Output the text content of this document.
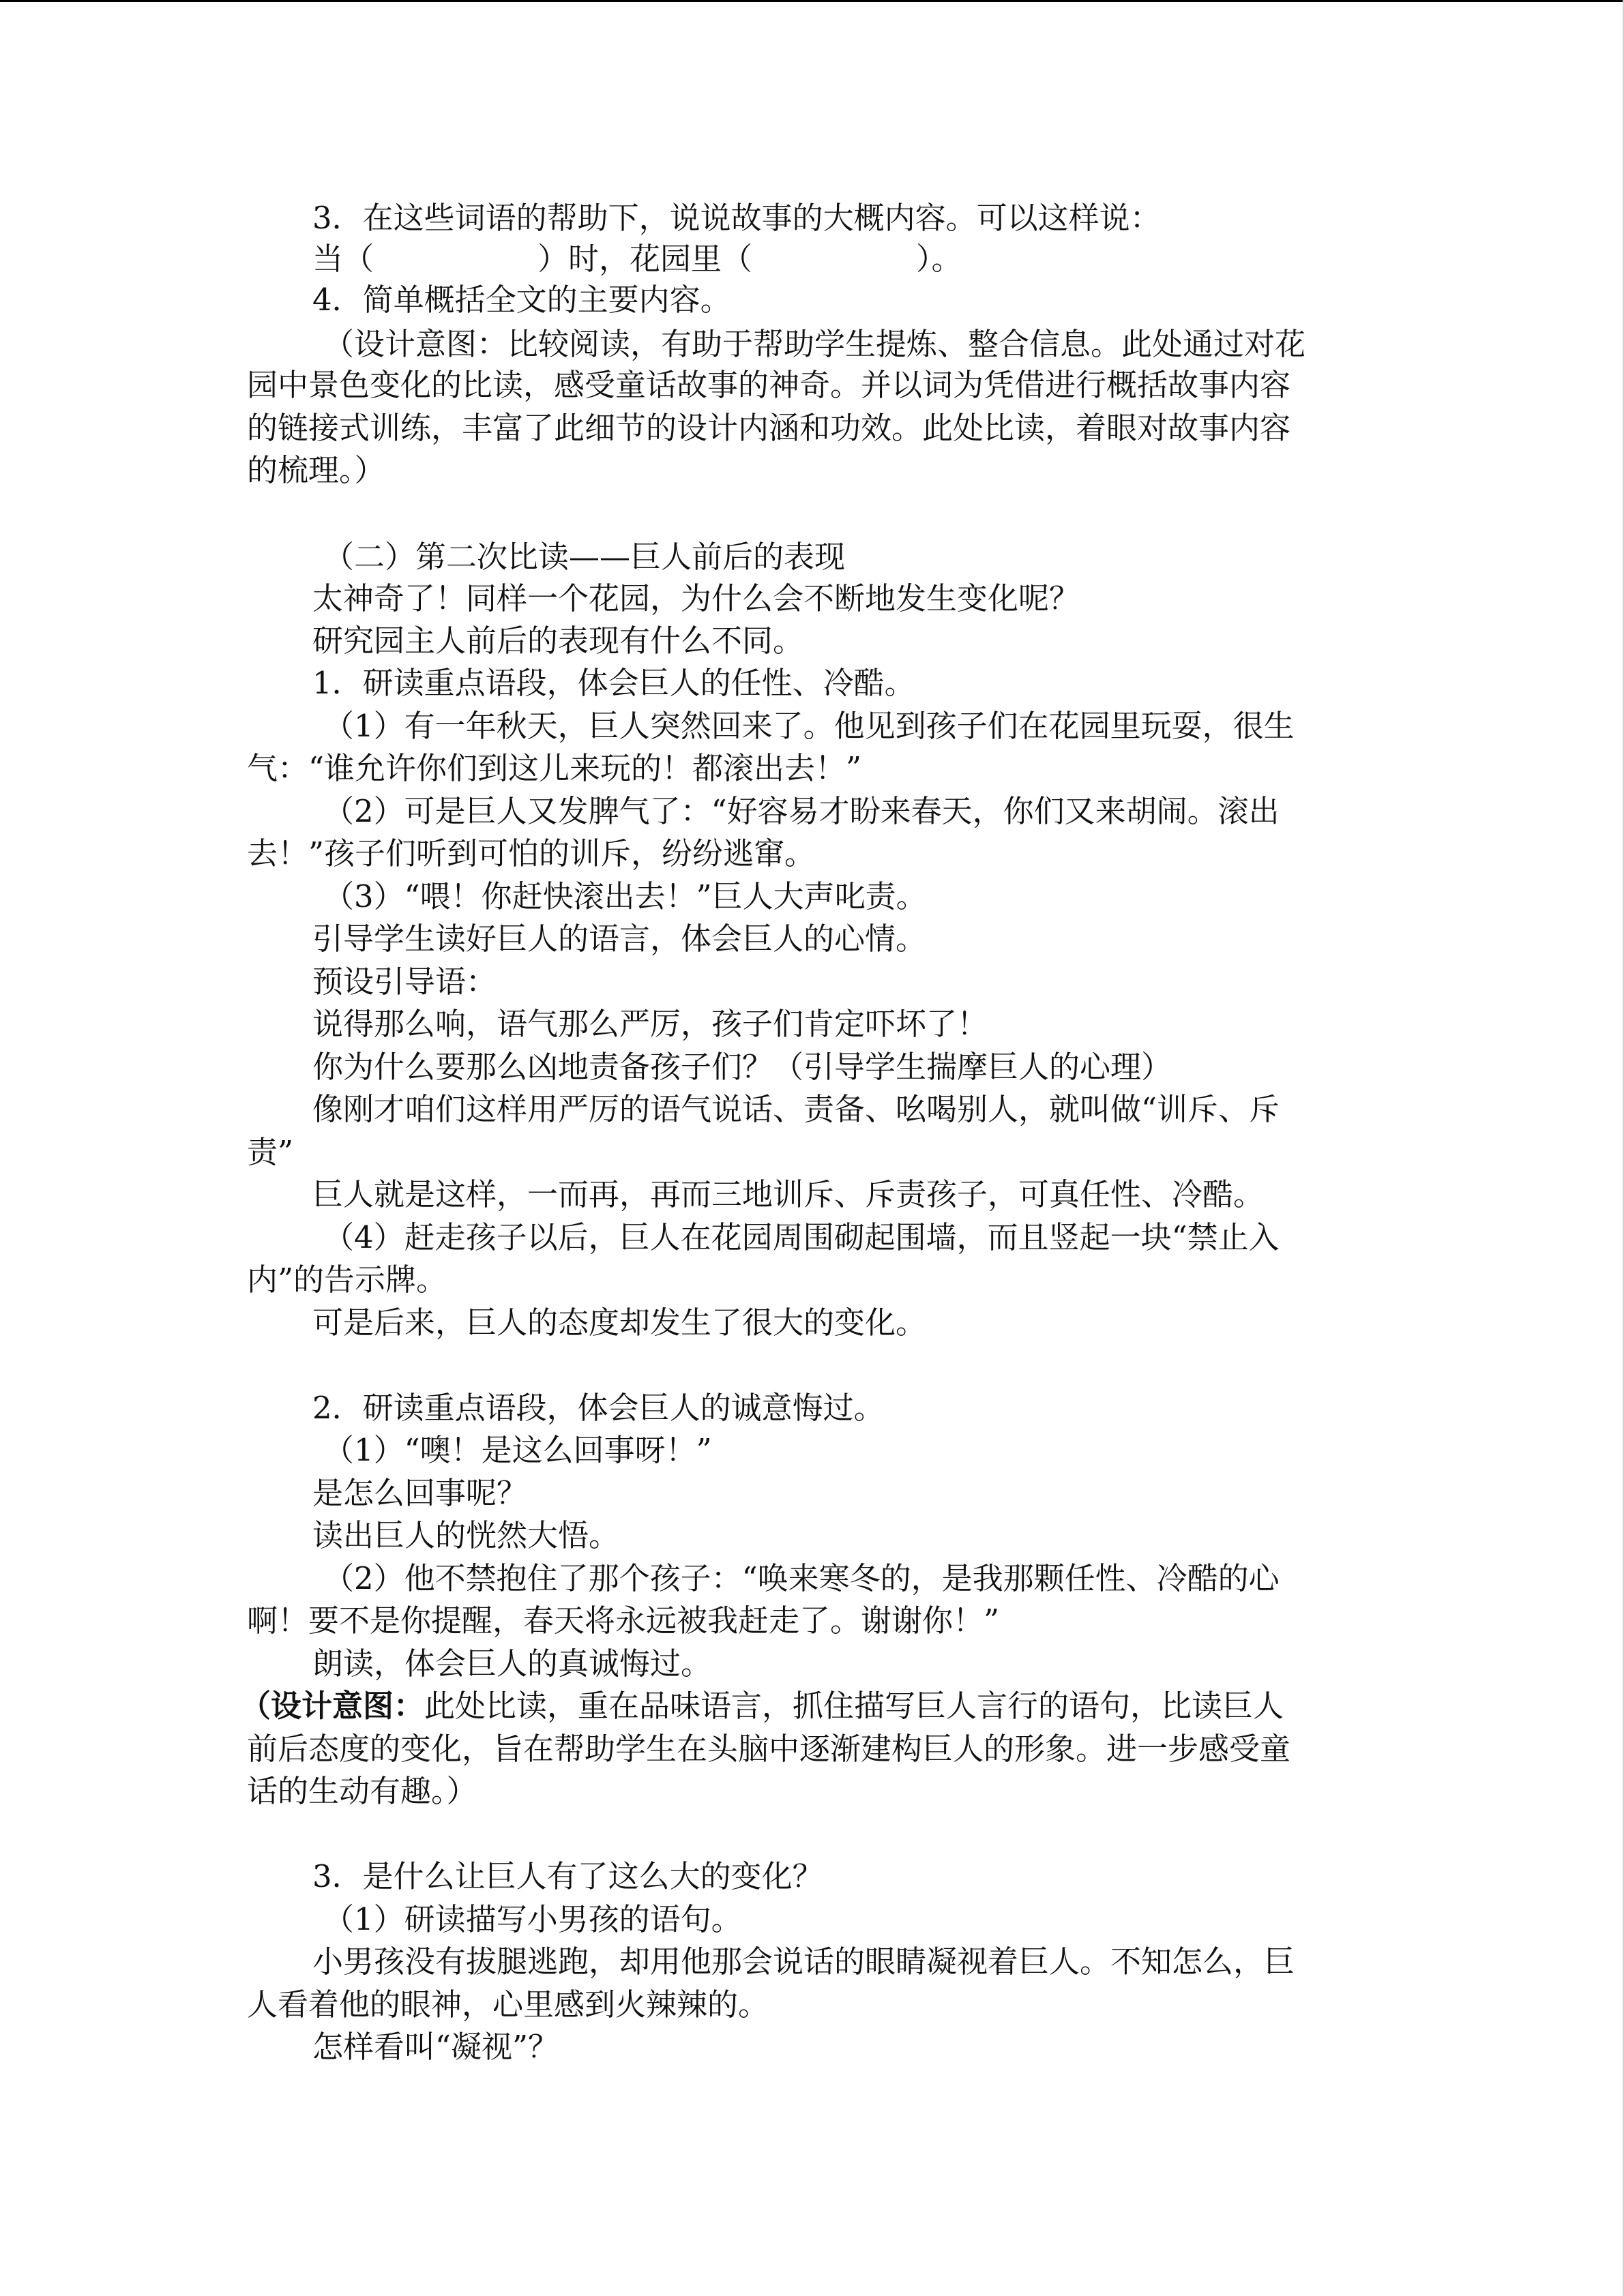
3．在这些词语的帮助下，说说故事的大概内容。可以这样说：
当（	）时，花园里（	）。
4．简单概括全文的主要内容。
（设计意图：比较阅读，有助于帮助学生提炼、整合信息。此处通过对花
园中景色变化的比读，感受童话故事的神奇。并以词为凭借进行概括故事内容
的链接式训练，丰富了此细节的设计内涵和功效。此处比读，着眼对故事内容
的梳理。）
（二）第二次比读——巨人前后的表现
太神奇了！同样一个花园，为什么会不断地发生变化呢？
研究园主人前后的表现有什么不同。
1．研读重点语段，体会巨人的任性、冷酷。
（1）有一年秋天，巨人突然回来了。他见到孩子们在花园里玩耍，很生
气：“谁允许你们到这儿来玩的！都滚出去！”
（2）可是巨人又发脾气了：“好容易才盼来春天，你们又来胡闹。滚出
去！”孩子们听到可怕的训斥，纷纷逃窜。
（3）“喂！你赶快滚出去！”巨人大声叱责。
引导学生读好巨人的语言，体会巨人的心情。
预设引导语：
说得那么响，语气那么严厉，孩子们肯定吓坏了！
你为什么要那么凶地责备孩子们？（引导学生揣摩巨人的心理）
像刚才咱们这样用严厉的语气说话、责备、吆喝别人，就叫做“训斥、斥
责”
巨人就是这样，一而再，再而三地训斥、斥责孩子，可真任性、冷酷。
（4）赶走孩子以后，巨人在花园周围砌起围墙，而且竖起一块“禁止入
内”的告示牌。
可是后来，巨人的态度却发生了很大的变化。
2．研读重点语段，体会巨人的诚意悔过。
（1）“噢！是这么回事呀！”
是怎么回事呢？
读出巨人的恍然大悟。
（2）他不禁抱住了那个孩子：“唤来寒冬的，是我那颗任性、冷酷的心
啊！要不是你提醒，春天将永远被我赶走了。谢谢你！”
朗读，体会巨人的真诚悔过。
（设计意图：此处比读，重在品味语言，抓住描写巨人言行的语句，比读巨人
前后态度的变化，旨在帮助学生在头脑中逐渐建构巨人的形象。进一步感受童
话的生动有趣。）
3．是什么让巨人有了这么大的变化？
（1）研读描写小男孩的语句。
小男孩没有拔腿逃跑，却用他那会说话的眼睛凝视着巨人。不知怎么，巨
人看着他的眼神，心里感到火辣辣的。
怎样看叫“凝视”？
